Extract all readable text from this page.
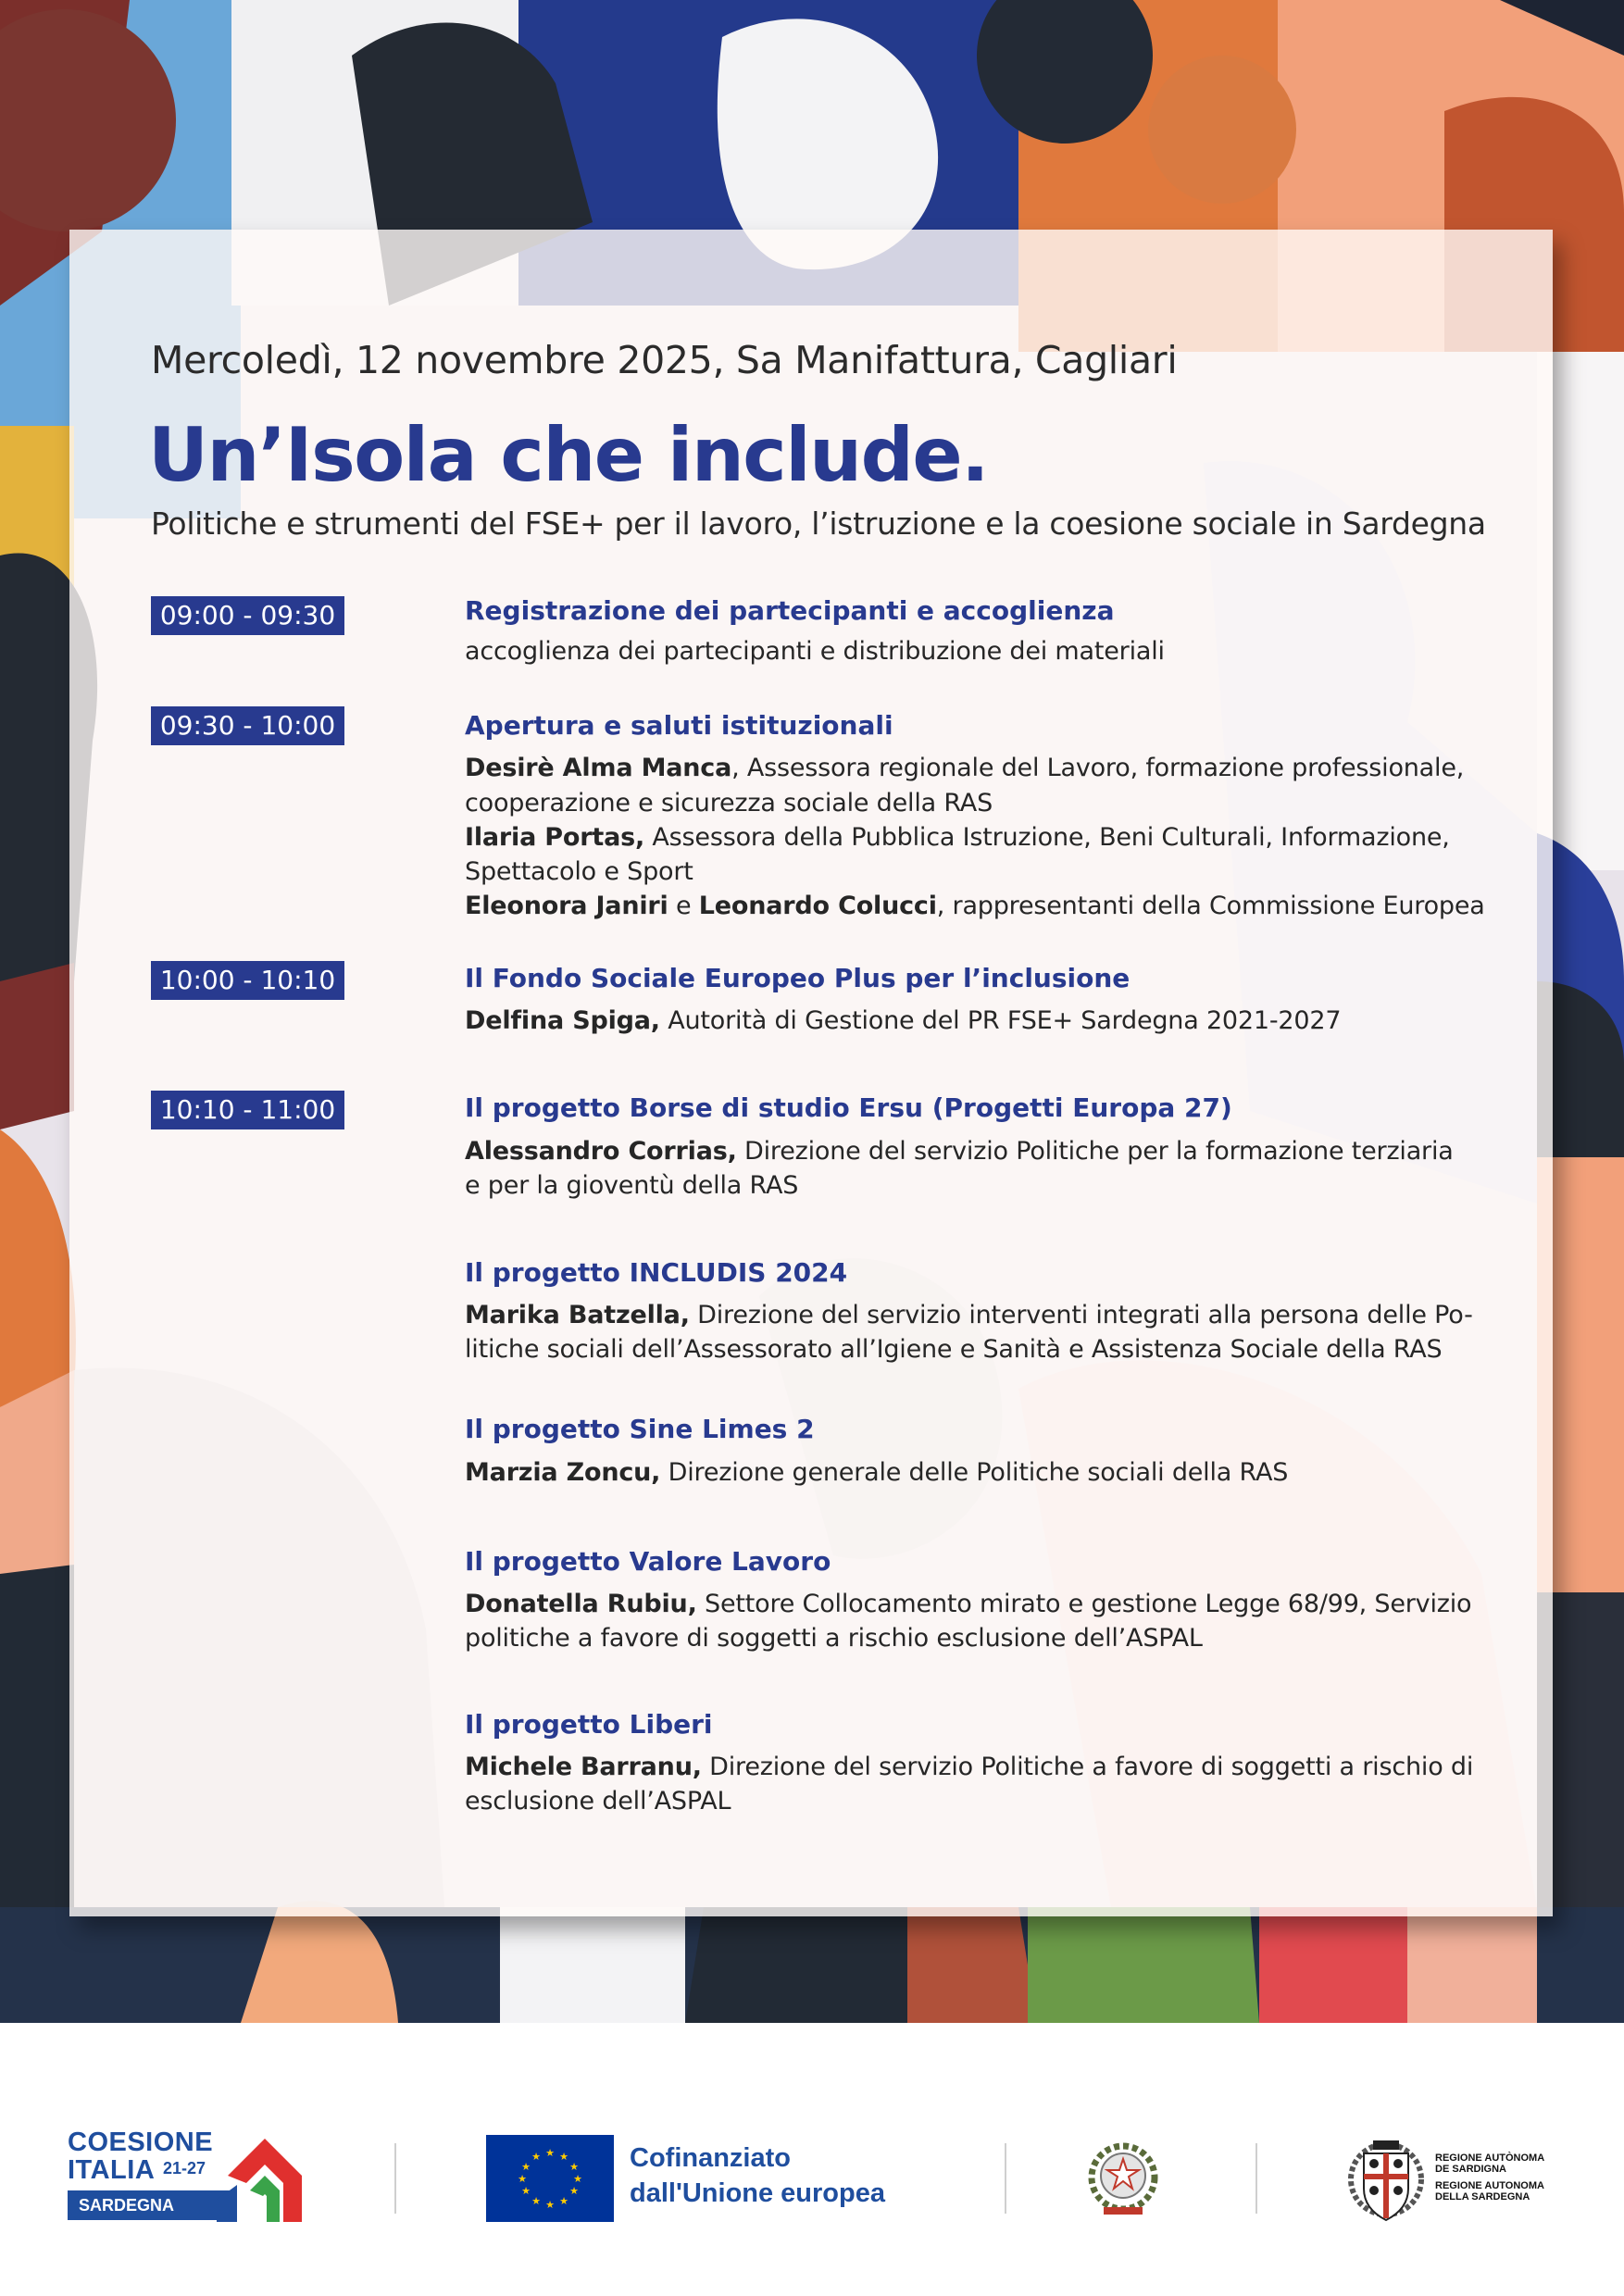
Mercoledì, 12 novembre 2025, Sa Manifattura, Cagliari
Un’Isola che include.
Politiche e strumenti del FSE+ per il lavoro, l’istruzione e la coesione sociale in Sardegna
09:00 - 09:30
09:30 - 10:00
10:00 - 10:10
10:10 - 11:00
Registrazione dei partecipanti e accoglienza
accoglienza dei partecipanti e distribuzione dei materiali
Apertura e saluti istituzionali
Desirè Alma Manca, Assessora regionale del Lavoro, formazione professionale,
cooperazione e sicurezza sociale della RAS
Ilaria Portas, Assessora della Pubblica Istruzione, Beni Culturali, Informazione,
Spettacolo e Sport
Eleonora Janiri e Leonardo Colucci, rappresentanti della Commissione Europea
Il Fondo Sociale Europeo Plus per l’inclusione
Delfina Spiga, Autorità di Gestione del PR FSE+ Sardegna 2021-2027
Il progetto Borse di studio Ersu (Progetti Europa 27)
Alessandro Corrias, Direzione del servizio Politiche per la formazione terziaria
e per la gioventù della RAS
Il progetto INCLUDIS 2024
Marika Batzella, Direzione del servizio interventi integrati alla persona delle Po-
litiche sociali dell’Assessorato all’Igiene e Sanità e Assistenza Sociale della RAS
Il progetto Sine Limes 2
Marzia Zoncu, Direzione generale delle Politiche sociali della RAS
Il progetto Valore Lavoro
Donatella Rubiu, Settore Collocamento mirato e gestione Legge 68/99, Servizio
politiche a favore di soggetti a rischio esclusione dell’ASPAL
Il progetto Liberi
Michele Barranu, Direzione del servizio Politiche a favore di soggetti a rischio di
esclusione dell’ASPAL
COESIONE
ITALIA 21-27
SARDEGNA
★ ★
★
★
★
★
★
★
★
★
★
★	Cofinanziato
dall'Unione europea
REGIONE AUTÒNOMA
DE SARDIGNA
REGIONE AUTONOMA
DELLA SARDEGNA
